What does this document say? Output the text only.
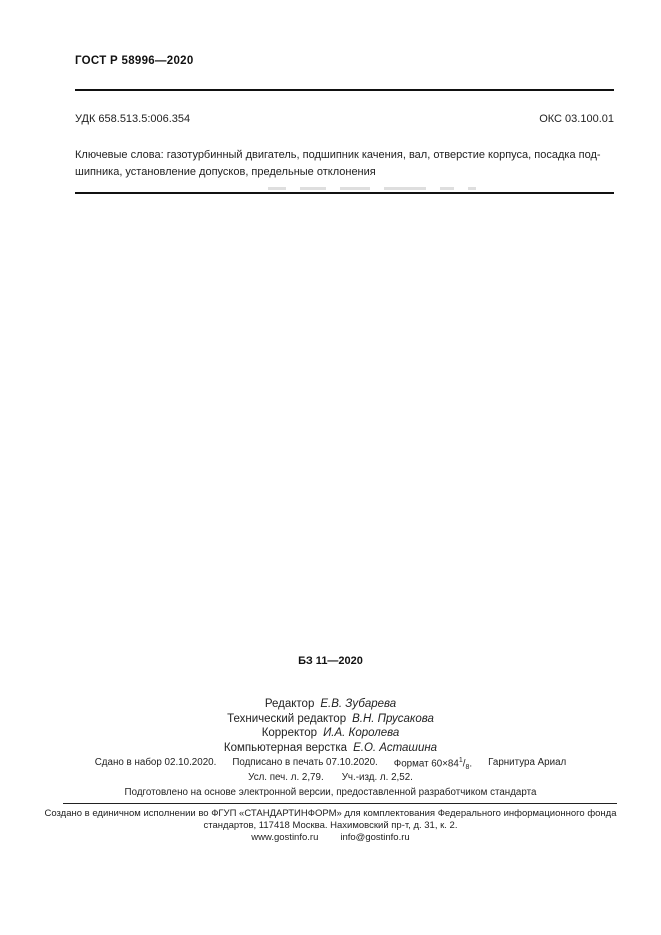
ГОСТ Р 58996—2020
УДК 658.513.5:006.354	ОКС 03.100.01
Ключевые слова: газотурбинный двигатель, подшипник качения, вал, отверстие корпуса, посадка под-
шипника, установление допусков, предельные отклонения
БЗ 11—2020
Редактор Е.В. Зубарева
Технический редактор В.Н. Прусакова
Корректор И.А. Королева
Компьютерная верстка Е.О. Асташина
Сдано в набор 02.10.2020. Подписано в печать 07.10.2020. Формат $60\times 84^1/_8$. Гарнитура Ариал
Усл. печ. л. 2,79. Уч.-изд. л. 2,52.
Подготовлено на основе электронной версии, предоставленной разработчиком стандарта
Создано в единичном исполнении во ФГУП «СТАНДАРТИНФОРМ» для комплектования Федерального информационного фонда
стандартов, 117418 Москва. Нахимовский пр-т, д. 31, к. 2.
www.gostinfo.ru info@gostinfo.ru
